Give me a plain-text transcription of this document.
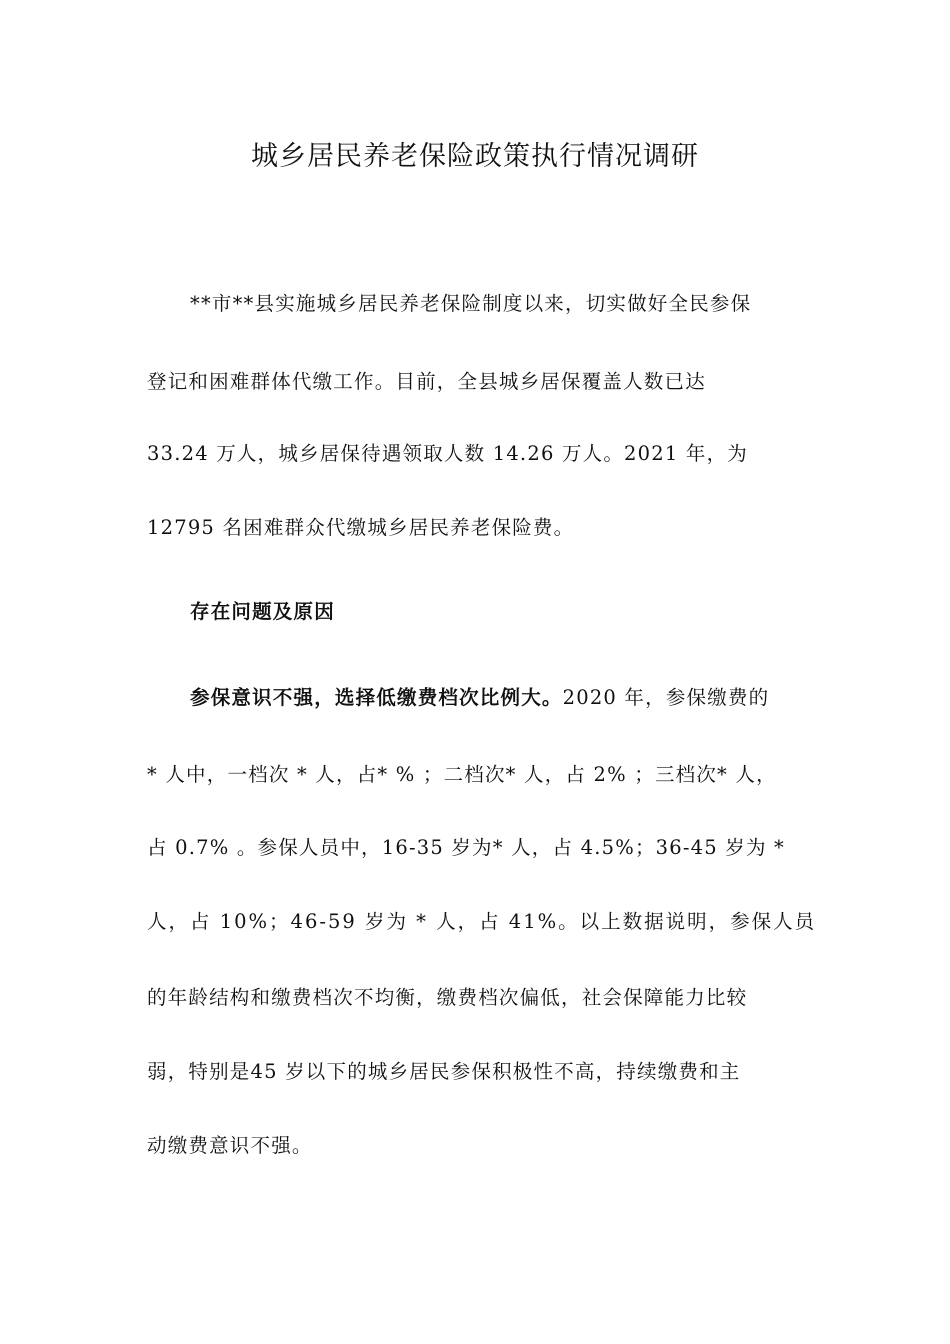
城乡居民养老保险政策执行情况调研

**市**县实施城乡居民养老保险制度以来，切实做好全民参保

登记和困难群体代缴工作。目前，全县城乡居保覆盖人数已达

33.24 万人，城乡居保待遇领取人数 14.26 万人。2021 年，为

12795 名困难群众代缴城乡居民养老保险费。

存在问题及原因

参保意识不强，选择低缴费档次比例大。2020 年，参保缴费的

* 人中，一档次 * 人，占* % ；二档次* 人，占 2% ；三档次* 人，

占 0.7% 。参保人员中，16-35 岁为* 人，占 4.5%；36-45 岁为 *

人，占 10%；46-59 岁为 * 人，占 41%。以上数据说明，参保人员

的年龄结构和缴费档次不均衡，缴费档次偏低，社会保障能力比较

弱，特别是45 岁以下的城乡居民参保积极性不高，持续缴费和主

动缴费意识不强。
